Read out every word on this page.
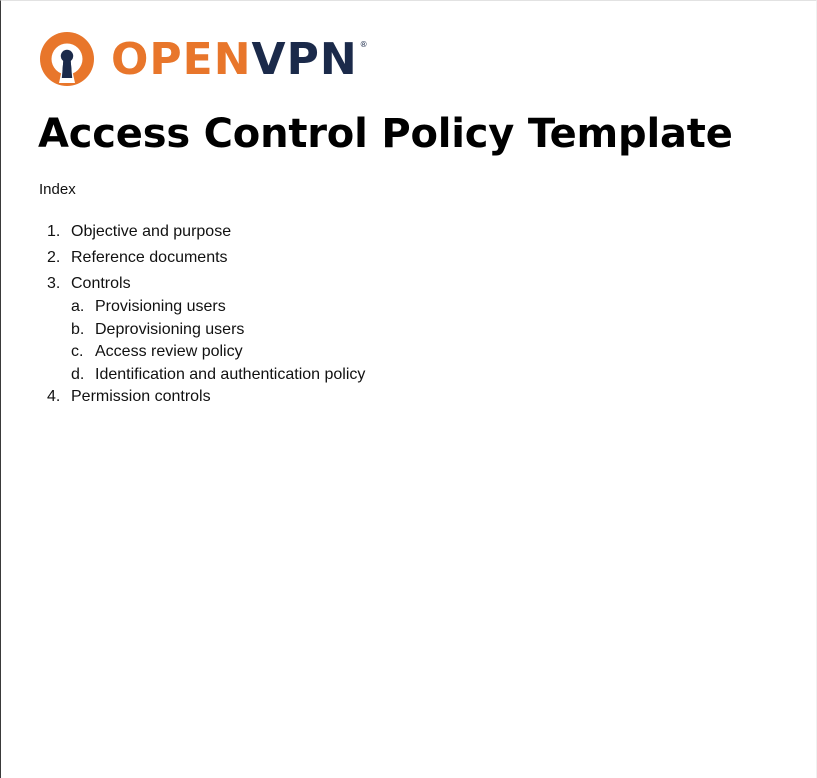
OPEN VPN ®
Access Control Policy Template
Index
1. Objective and purpose
2. Reference documents
3. Controls
a. Provisioning users
b. Deprovisioning users
c. Access review policy
d. Identification and authentication policy
4. Permission controls
